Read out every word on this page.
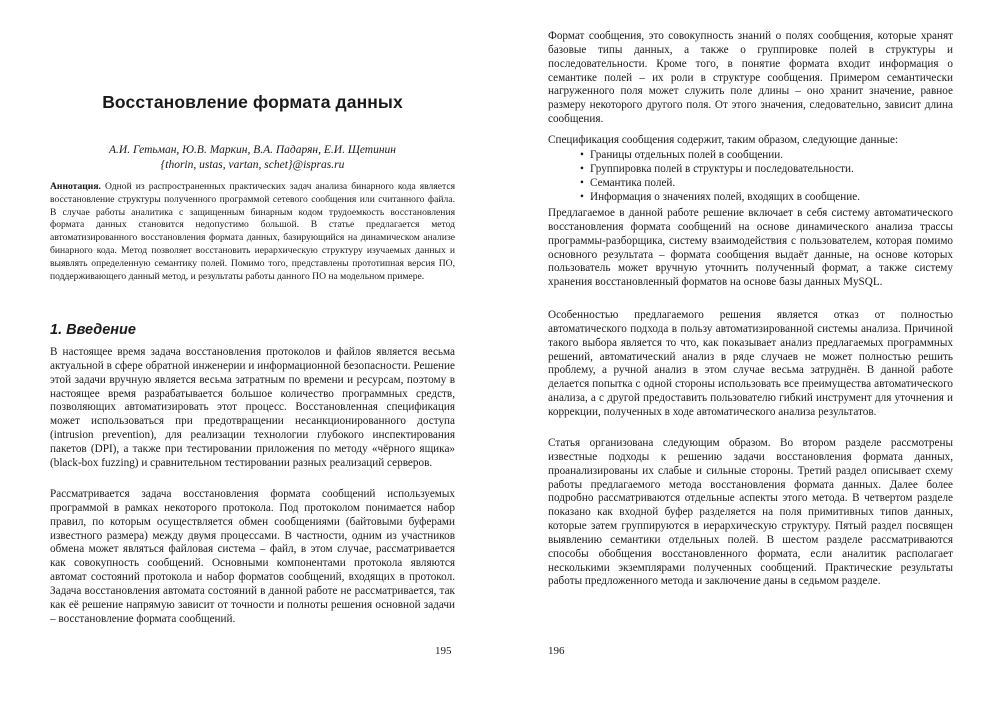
Восстановление формата данных
А.И. Гетьман, Ю.В. Маркин, В.А. Падарян, Е.И. Щетинин
{thorin, ustas, vartan, schet}@ispras.ru
Аннотация. Одной из распространенных практических задач анализа бинарного кода является восстановление структуры полученного программой сетевого сообщения или считанного файла. В случае работы аналитика с защищенным бинарным кодом трудоемкость восстановления формата данных становится недопустимо большой. В статье предлагается метод автоматизированного восстановления формата данных, базирующийся на динамическом анализе бинарного кода. Метод позволяет восстановить иерархическую структуру изучаемых данных и выявлять определенную семантику полей. Помимо того, представлены прототипная версия ПО, поддерживающего данный метод, и результаты работы данного ПО на модельном примере.
1. Введение

В настоящее время задача восстановления протоколов и файлов является весьма актуальной в сфере обратной инженерии и информационной безопасности. Решение этой задачи вручную является весьма затратным по времени и ресурсам, поэтому в настоящее время разрабатывается большое количество программных средств, позволяющих автоматизировать этот процесс. Восстановленная спецификация может использоваться при предотвращении несанкционированного доступа (intrusion prevention), для реализации технологии глубокого инспектирования пакетов (DPI), а также при тестировании приложения по методу «чёрного ящика» (black-box fuzzing) и сравнительном тестировании разных реализаций серверов.

Рассматривается задача восстановления формата сообщений используемых программой в рамках некоторого протокола. Под протоколом понимается набор правил, по которым осуществляется обмен сообщениями (байтовыми буферами известного размера) между двумя процессами. В частности, одним из участников обмена может являться файловая система – файл, в этом случае, рассматривается как совокупность сообщений. Основными компонентами протокола являются автомат состояний протокола и набор форматов сообщений, входящих в протокол. Задача восстановления автомата состояний в данной работе не рассматривается, так как её решение напрямую зависит от точности и полноты решения основной задачи – восстановление формата сообщений.

195

Формат сообщения, это совокупность знаний о полях сообщения, которые хранят базовые типы данных, а также о группировке полей в структуры и последовательности. Кроме того, в понятие формата входит информация о семантике полей – их роли в структуре сообщения. Примером семантически нагруженного поля может служить поле длины – оно хранит значение, равное размеру некоторого другого поля. От этого значения, следовательно, зависит длина сообщения.

Спецификация сообщения содержит, таким образом, следующие данные:

• Границы отдельных полей в сообщении.
• Группировка полей в структуры и последовательности.
• Семантика полей.
• Информация о значениях полей, входящих в сообщение.

Предлагаемое в данной работе решение включает в себя систему автоматического восстановления формата сообщений на основе динамического анализа трассы программы-разборщика, систему взаимодействия с пользователем, которая помимо основного результата – формата сообщения выдаёт данные, на основе которых пользователь может вручную уточнить полученный формат, а также систему хранения восстановленный форматов на основе базы данных MySQL.

Особенностью предлагаемого решения является отказ от полностью автоматического подхода в пользу автоматизированной системы анализа. Причиной такого выбора является то что, как показывает анализ предлагаемых программных решений, автоматический анализ в ряде случаев не может полностью решить проблему, а ручной анализ в этом случае весьма затруднён. В данной работе делается попытка с одной стороны использовать все преимущества автоматического анализа, а с другой предоставить пользователю гибкий инструмент для уточнения и коррекции, полученных в ходе автоматического анализа результатов.

Статья организована следующим образом. Во втором разделе рассмотрены известные подходы к решению задачи восстановления формата данных, проанализированы их слабые и сильные стороны. Третий раздел описывает схему работы предлагаемого метода восстановления формата данных. Далее более подробно рассматриваются отдельные аспекты этого метода. В четвертом разделе показано как входной буфер разделяется на поля примитивных типов данных, которые затем группируются в иерархическую структуру. Пятый раздел посвящен выявлению семантики отдельных полей. В шестом разделе рассматриваются способы обобщения восстановленного формата, если аналитик располагает несколькими экземплярами полученных сообщений. Практические результаты работы предложенного метода и заключение даны в седьмом разделе.

196
